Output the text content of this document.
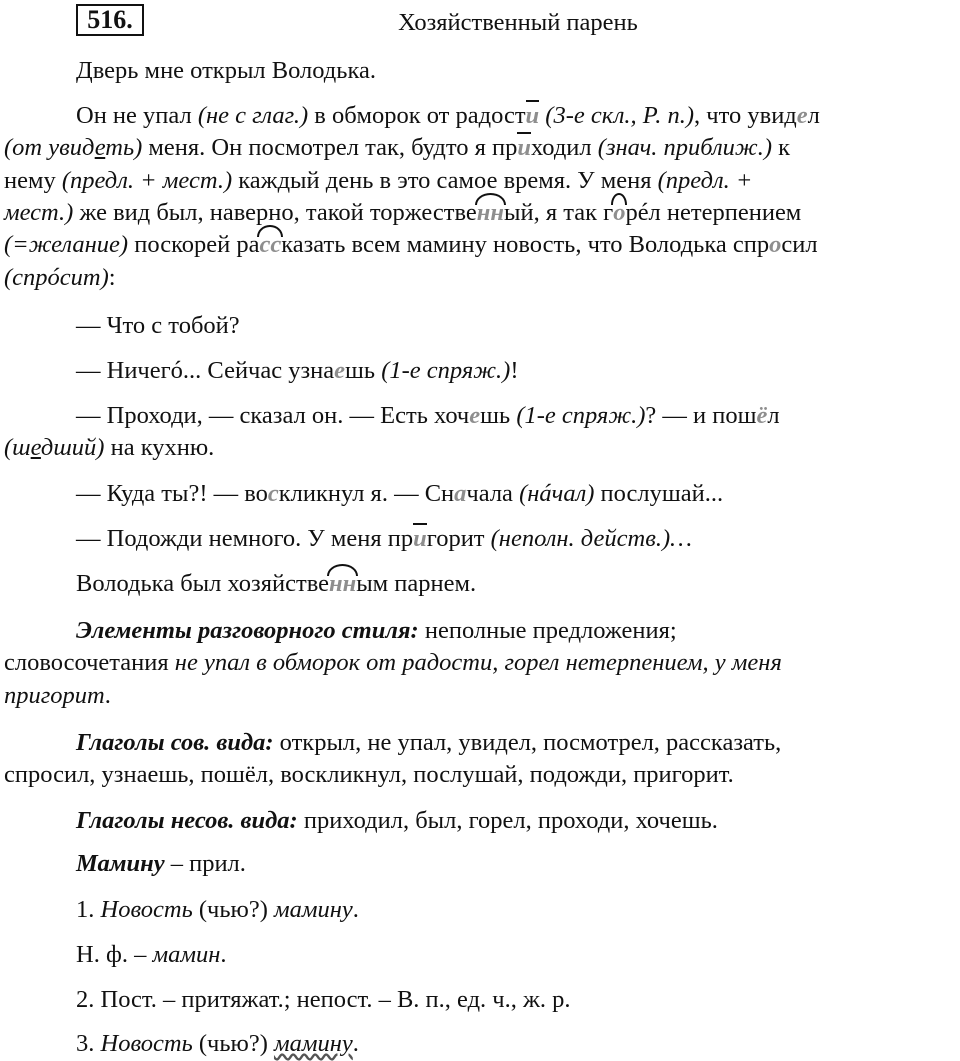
516.	Хозяйственный парень

Дверь мне открыл Володька.

Он не упал (не с глаг.) в обморок от радости (3-е скл., Р. п.), что увидел

(от увидеть) меня. Он посмотрел так, будто я приходил (знач. приближ.) к

нему (предл. + мест.) каждый день в это самое время. У меня (предл. +

мест.) же вид был, наверно, такой торжественн
ый, я так го
рéл нетерпением

(=желание) поскорей расс
казать всем мамину новость, что Володька спросил

(спрóсит):

— Что с тобой?

— Ничегó... Сейчас узнаешь (1-е спряж.)!

— Проходи, — сказал он. — Есть хочешь (1-е спряж.)? — и пошёл

(шедший) на кухню.

— Куда ты?! — воскликнул я. — Сначала (нáчал) послушай...

— Подожди немного. У меня пригорит (неполн. действ.)…

Володька был хозяйственн
ым парнем.

Элементы разговорного стиля: неполные предложения;

словосочетания не упал в обморок от радости, горел нетерпением, у меня

пригорит.

Глаголы сов. вида: открыл, не упал, увидел, посмотрел, рассказать,

спросил, узнаешь, пошёл, воскликнул, послушай, подожди, пригорит.

Глаголы несов. вида: приходил, был, горел, проходи, хочешь.

Мамину – прил.

1. Новость (чью?) мамину.

Н. ф. – мамин.

2. Пост. – притяжат.; непост. – В. п., ед. ч., ж. р.

3. Новость (чью?) мамину.
